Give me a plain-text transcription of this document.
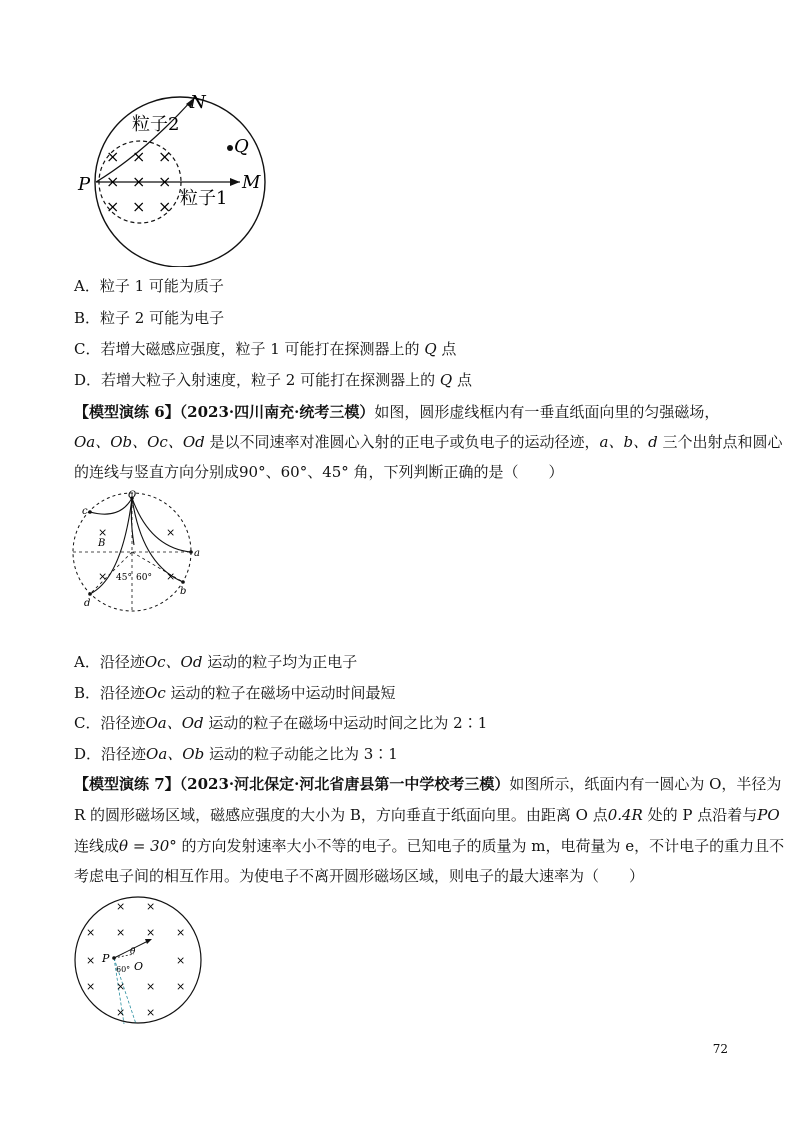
P	M
N
Q
粒子2
粒子1
× × ×
× × ×
× × ×
A．粒子 1 可能为质子
B．粒子 2 可能为电子
C．若增大磁感应强度，粒子 1 可能打在探测器上的 Q 点
D．若增大粒子入射速度，粒子 2 可能打在探测器上的 Q 点
【模型演练 6】（2023·四川南充·统考三模）如图，圆形虚线框内有一垂直纸面向里的匀强磁场，
Oa、Ob、Oc、Od 是以不同速率对准圆心入射的正电子或负电子的运动径迹，a、b、d 三个出射点和圆心
的连线与竖直方向分别成90°、60°、45° 角，下列判断正确的是（　　）
O
a
b
c
d
B
45° 60°
×	×
×	×
A．沿径迹Oc、Od 运动的粒子均为正电子
B．沿径迹Oc 运动的粒子在磁场中运动时间最短
C．沿径迹Oa、Od 运动的粒子在磁场中运动时间之比为 2∶1
D．沿径迹Oa、Ob 运动的粒子动能之比为 3∶1
【模型演练 7】（2023·河北保定·河北省唐县第一中学校考三模）如图所示，纸面内有一圆心为 O，半径为
R 的圆形磁场区域，磁感应强度的大小为 B，方向垂直于纸面向里。由距离 O 点0.4R 处的 P 点沿着与PO
连线成θ = 30° 的方向发射速率大小不等的电子。已知电子的质量为 m，电荷量为 e，不计电子的重力且不
考虑电子间的相互作用。为使电子不离开圆形磁场区域，则电子的最大速率为（　　）
P
O
θ
60°
× ×
× × × ×
×	×
× × × ×
× ×
72
